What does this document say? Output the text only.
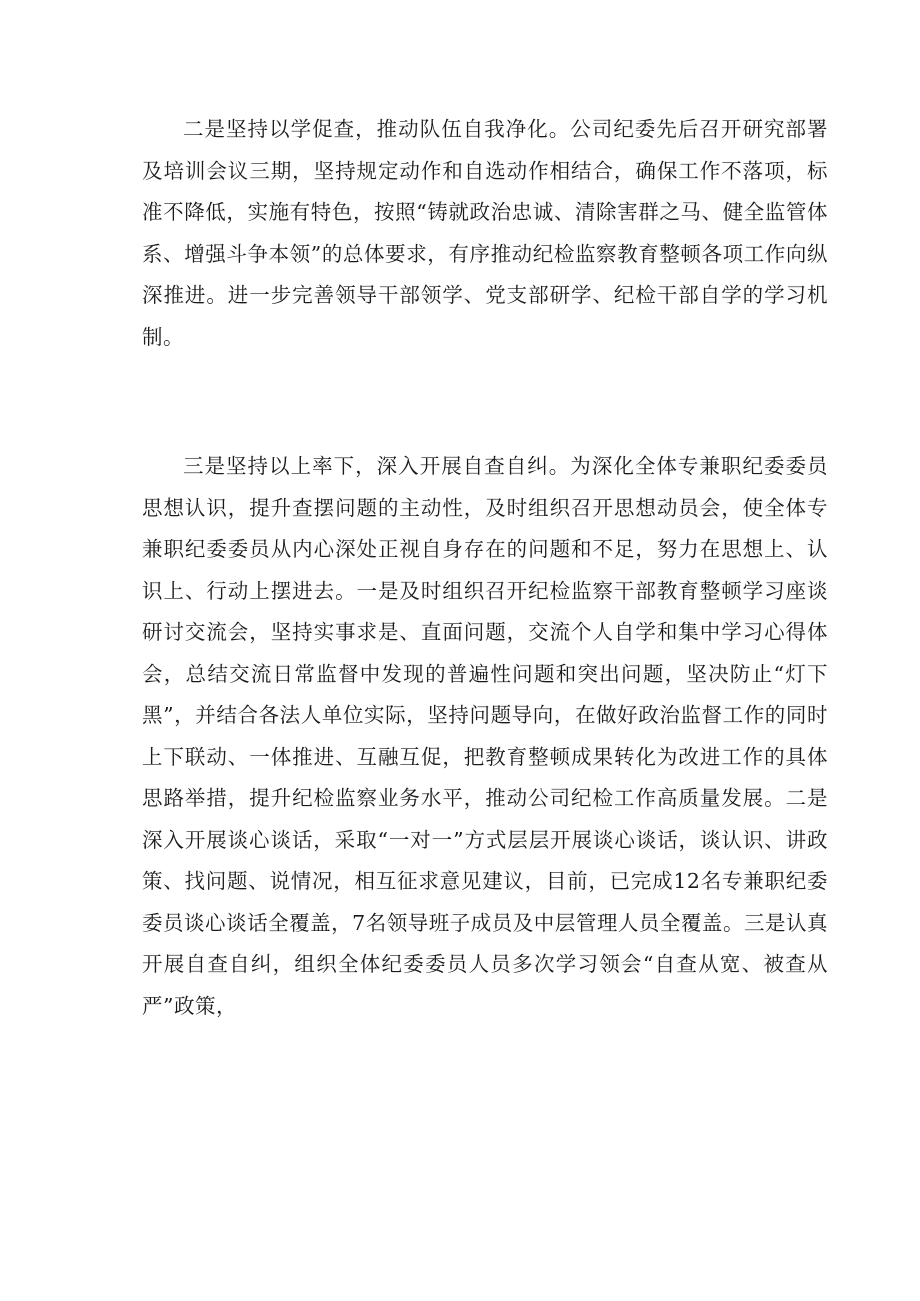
二是坚持以学促查，推动队伍自我净化。公司纪委先后召开研究部署及培训会议三期，坚持规定动作和自选动作相结合，确保工作不落项，标准不降低，实施有特色，按照“铸就政治忠诚、清除害群之马、健全监管体系、增强斗争本领”的总体要求，有序推动纪检监察教育整顿各项工作向纵深推进。进一步完善领导干部领学、党支部研学、纪检干部自学的学习机制。

三是坚持以上率下，深入开展自查自纠。为深化全体专兼职纪委委员思想认识，提升查摆问题的主动性，及时组织召开思想动员会，使全体专兼职纪委委员从内心深处正视自身存在的问题和不足，努力在思想上、认识上、行动上摆进去。一是及时组织召开纪检监察干部教育整顿学习座谈研讨交流会，坚持实事求是、直面问题，交流个人自学和集中学习心得体会，总结交流日常监督中发现的普遍性问题和突出问题，坚决防止“灯下黑”，并结合各法人单位实际，坚持问题导向，在做好政治监督工作的同时上下联动、一体推进、互融互促，把教育整顿成果转化为改进工作的具体思路举措，提升纪检监察业务水平，推动公司纪检工作高质量发展。二是深入开展谈心谈话，采取“一对一”方式层层开展谈心谈话，谈认识、讲政策、找问题、说情况，相互征求意见建议，目前，已完成12名专兼职纪委委员谈心谈话全覆盖，7名领导班子成员及中层管理人员全覆盖。三是认真开展自查自纠，组织全体纪委委员人员多次学习领会“自查从宽、被查从严”政策，
